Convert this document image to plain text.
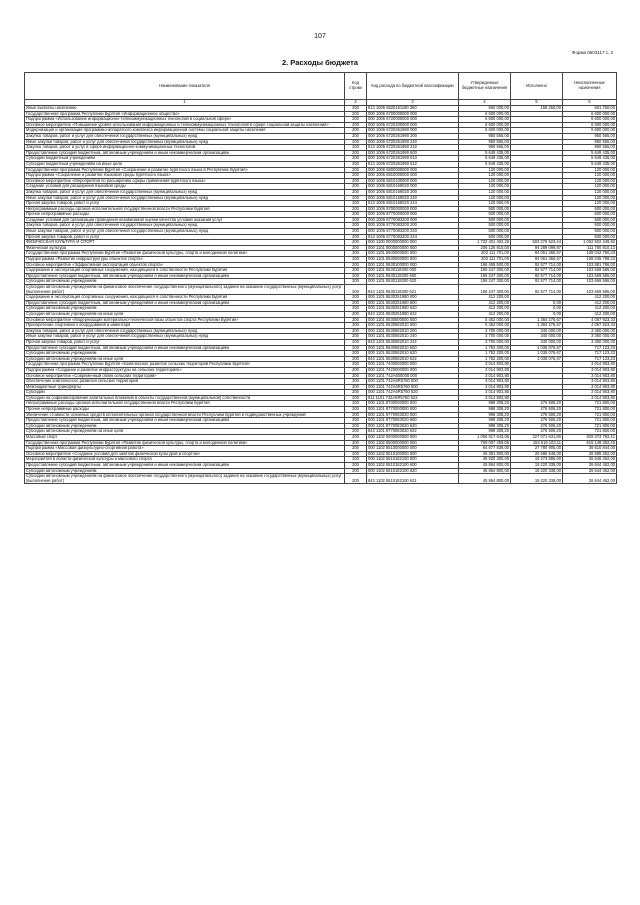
107
Форма 0503117 с. 2
2. Расходы бюджета
Наименование показателя	Код строки	Код расхода по бюджетной классификации	Утвержденные бюджетные назначения	Исполнено	Неисполненные назначения
1	2	3	4	5	6
Иные выплаты населению	200	813 1006 6520151180 360	660 000,00	158 250,00	501 750,00
Государственная программа Республики Бурятия «Информационное общество»	200	000 1006 6700000000 000	6 600 000,00		6 600 000,00
Подпрограмма «Использование информационно-телекоммуникационных технологий в социальной сфере»	200	000 1006 6720000000 000	6 600 000,00		6 600 000,00
Основное мероприятие «Повышение уровня использования информационных и телекоммуникационных технологий в сфере социальной защиты населения»	200	000 1006 6720200000 000	6 600 000,00		6 600 000,00
Модернизация и организация программно-аппаратного комплекса информационной системы социальной защиты населения	200	000 1006 6720261990 000	6 600 000,00		6 600 000,00
Закупка товаров, работ и услуг для обеспечения государственных (муниципальных) нужд	200	000 1006 6720261990 200	950 565,00		950 565,00
Иные закупки товаров, работ и услуг для обеспечения государственных (муниципальных) нужд	200	000 1006 6720261990 240	950 565,00		950 565,00
Закупка товаров, работ и услуг в сфере информационно-коммуникационных технологий	200	813 1006 6720261990 242	950 565,00		950 565,00
Предоставление субсидий бюджетным, автономным учреждениям и иным некоммерческим организациям	200	000 1006 6720261990 600	5 649 435,00		5 649 435,00
Субсидии бюджетным учреждениям	200	000 1006 6720261990 610	5 649 435,00		5 649 435,00
Субсидии бюджетным учреждениям на иные цели	200	813 1006 6720261990 612	5 649 435,00		5 649 435,00
Государственная программа Республики Бурятия «Сохранение и развитие бурятского языка в Республике Бурятия»	200	000 1006 6800000000 000	120 000,00		120 000,00
Подпрограмма «Сохранение и развитие языковой среды бурятского языка»	200	000 1006 6810000000 000	120 000,00		120 000,00
Основное мероприятие «Мероприятия по расширению сферы применения бурятского языка»	200	000 1006 6810100000 000	120 000,00		120 000,00
Создание условий для расширения языковой среды	200	000 1006 6810169020 000	120 000,00		120 000,00
Закупка товаров, работ и услуг для обеспечения государственных (муниципальных) нужд	200	000 1006 6810169020 200	120 000,00		120 000,00
Иные закупки товаров, работ и услуг для обеспечения государственных (муниципальных) нужд	200	000 1006 6810169020 240	120 000,00		120 000,00
Прочая закупка товаров, работ и услуг	200	813 1006 6810169020 244	120 000,00		120 000,00
Непрограммные расходы органов исполнительной государственной власти Республики Бурятия	200	000 1006 8700000000 000	500 000,00		500 000,00
Прочие непрограммные расходы	200	000 1006 8770000000 000	500 000,00		500 000,00
Создание условий для организации проведения независимой оценки качества условий оказания услуг	200	000 1006 8770083200 000	500 000,00		500 000,00
Закупка товаров, работ и услуг для обеспечения государственных (муниципальных) нужд	200	000 1006 8770083200 200	500 000,00		500 000,00
Иные закупки товаров, работ и услуг для обеспечения государственных (муниципальных) нужд	200	000 1006 8770083200 240	500 000,00		500 000,00
Прочая закупка товаров, работ и услуг	200	813 1006 8770083200 244	500 000,00		500 000,00
ФИЗИЧЕСКАЯ КУЛЬТУРА И СПОРТ	200	000 1100 0000000000 000	1 722 401 402,26	503 276 523,44	1 052 502 249,82
Физическая культура	200	000 1101 0000000000 000	206 126 910,00	94 289 099,87	111 780 810,13
Государственная программа Республики Бурятия «Развитие физической культуры, спорта и молодежной политики»	200	000 1101 5500000000 000	202 111 701,00	94 061 360,67	108 042 790,33
Подпрограмма «Развитие инфраструктуры объектов спорта»	200	000 1101 5530000000 000	202 111 701,00	94 061 360,67	108 045 789,33
Основное мероприятие «Эффективная эксплуатация объектов спорта»	200	000 1101 5530100000 000	196 459 500,00	92 577 714,00	103 881 786,00
Содержание и эксплуатация спортивных сооружений, находящихся в собственности Республики Бурятия	200	000 1101 5530118300 000	196 247 300,00	92 577 714,00	103 669 586,00
Предоставление субсидий бюджетным, автономным учреждениям и иным некоммерческим организациям	200	000 1101 5530118300 600	196 247 300,00	92 577 714,00	103 669 586,00
Субсидии автономным учреждениям	200	000 1101 5530118300 620	196 247 300,00	92 577 714,00	103 669 586,00
Субсидии автономным учреждениям на финансовое обеспечение государственного (муниципального) задания на оказание государственных (муниципальных) услуг (выполнение работ)	200	843 1101 5530118300 621	196 247 300,00	92 577 714,00	103 669 586,00
Содержание и эксплуатация спортивных сооружений, находящихся в собственности Республики Бурятия	200	000 1101 5530251980 000	412 200,00		412 200,00
Предоставление субсидий бюджетным, автономным учреждениям и иным некоммерческим организациям	200	000 1101 5530251980 600	412 200,00	0,00	412 200,00
Субсидии автономным учреждениям	200	000 1101 5530251980 620	412 200,00	0,00	412 200,00
Субсидии автономным учреждениям на иные цели	200	843 1101 5530251980 622	412 200,00	0,00	412 200,00
Основное мероприятие «Модернизация материально-технической базы объектов спорта Республики Бурятия»	200	000 1101 5530500000 000	5 452 000,00	1 384 276,67	4 067 923,33
Приобретение спортивного оборудования и инвентаря	200	000 1101 5530582010 000	5 452 000,00	1 384 276,67	4 067 923,33
Закупка товаров, работ и услуг для обеспечения государственных (муниципальных) нужд	200	000 1101 5530582010 200	3 700 000,00	340 000,00	3 360 000,00
Иные закупки товаров, работ и услуг для обеспечения государственных (муниципальных) нужд	200	000 1101 5530582010 240	3 700 000,00	340 000,00	3 360 000,00
Прочая закупка товаров, работ и услуг	200	843 1101 5530582010 244	3 700 000,00	340 000,00	3 360 000,00
Предоставление субсидий бюджетным, автономным учреждениям и иным некоммерческим организациям	200	000 1101 5530582010 600	1 752 200,00	1 035 076,67	717 123,33
Субсидии автономным учреждениям	200	000 1101 5530582010 620	1 752 200,00	1 035 076,67	717 123,33
Субсидии автономным учреждениям на иные цели	200	843 1101 5530582010 622	1 752 200,00	1 035 076,67	717 123,33
Государственная программа Республики Бурятия «Комплексное развитие сельских территорий Республики Бурятия»	200	000 1101 7400000000 000	3 014 903,80		3 014 903,80
Подпрограмма «Создание и развитие инфраструктуры на сельских территориях»	200	000 1101 7420000000 000	3 014 903,80		3 014 903,80
Основное мероприятие «Современный облик сельских территорий»	200	000 1101 742A600000 000	3 014 903,80		3 014 903,80
Обеспечение комплексного развития сельских территорий	200	000 1101 742A6R5760 000	3 014 903,80		3 014 903,80
Межбюджетные трансферты	200	000 1101 742A6R5760 500	3 014 903,80		3 014 903,80
Субсидии	200	000 1101 742A6R5760 520	3 014 903,80		3 014 903,80
Субсидии на софинансирование капитальных вложений в объекты государственной (муниципальной) собственности	200	811 1101 742A6R5760 522	3 014 903,80		3 014 903,80
Непрограммные расходы органов исполнительной государственной власти Республики Бурятия	200	000 1101 8700000000 000	998 308,20	276 506,20	721 800,00
Прочие непрограммные расходы	200	000 1101 8770000000 000	998 308,20	276 506,20	721 800,00
Увеличение стоимости основных средств исполнительных органов государственной власти Республики Бурятия и подведомственных учреждений	200	000 1101 8770083020 000	998 308,20	276 506,20	721 800,00
Предоставление субсидий бюджетным, автономным учреждениям и иным некоммерческим организациям	200	000 1101 8770083020 600	998 308,20	276 506,20	721 800,00
Субсидии автономным учреждениям	200	000 1101 8770083020 620	998 308,20	276 506,20	721 800,00
Субсидии автономным учреждениям на иные цели	200	843 1101 8770083020 622	998 308,20	276 506,20	721 800,00
Массовый спорт	200	000 1102 0000000000 000	1 056 517 643,06	227 071 631,80	829 373 792,41
Государственная программа Республики Бурятия «Развитие физической культуры, спорта и молодежной политики»	200	000 1102 5500000000 000	769 007 459,06	153 619 103,11	615 148 352,45
Подпрограмма «Массовая физкультурно-спортивная работа»	200	000 1102 5510000000 000	64 677 839,00	27 780 905,00	36 610 844,00
Основное мероприятие «Создание условий для занятий физической культурой и спортом»	200	000 1102 5510100000 000	46 391 800,00	20 686 548,00	26 685 252,00
Мероприятия в области физической культуры и массового спорта	200	000 1102 5510182100 000	45 920 300,00	19 273 896,00	26 646 462,00
Предоставление субсидий бюджетным, автономным учреждениям и иным некоммерческим организациям	200	000 1102 5510182100 600	45 864 800,00	19 220 338,00	26 644 462,00
Субсидии автономным учреждениям	200	000 1102 5510182100 620	45 864 800,00	19 220 338,00	26 644 462,00
Субсидии автономным учреждениям на финансовое обеспечение государственного (муниципального) задания на оказание государственных (муниципальных) услуг (выполнение работ)	200	843 1102 5510182100 621	45 864 800,00	19 220 338,00	26 644 462,00
